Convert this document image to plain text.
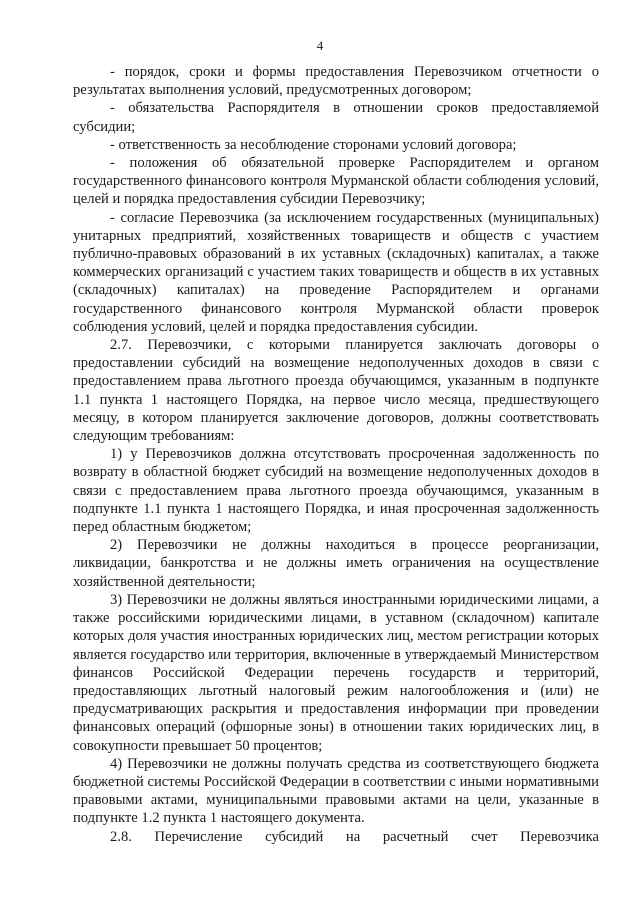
4

- порядок, сроки и формы предоставления Перевозчиком отчетности о результатах выполнения условий, предусмотренных договором;

- обязательства Распорядителя в отношении сроков предоставляемой субсидии;

- ответственность за несоблюдение сторонами условий договора;

- положения об обязательной проверке Распорядителем и органом государственного финансового контроля Мурманской области соблюдения условий, целей и порядка предоставления субсидии Перевозчику;

- согласие Перевозчика (за исключением государственных (муниципальных) унитарных предприятий, хозяйственных товариществ и обществ с участием публично-правовых образований в их уставных (складочных) капиталах, а также коммерческих организаций с участием таких товариществ и обществ в их уставных (складочных) капиталах) на проведение Распорядителем и органами государственного финансового контроля Мурманской области проверок соблюдения условий, целей и порядка предоставления субсидии.

2.7. Перевозчики, с которыми планируется заключать договоры о предоставлении субсидий на возмещение недополученных доходов в связи с предоставлением права льготного проезда обучающимся, указанным в подпункте 1.1 пункта 1 настоящего Порядка, на первое число месяца, предшествующего месяцу, в котором планируется заключение договоров, должны соответствовать следующим требованиям:

1) у Перевозчиков должна отсутствовать просроченная задолженность по возврату в областной бюджет субсидий на возмещение недополученных доходов в связи с предоставлением права льготного проезда обучающимся, указанным в подпункте 1.1 пункта 1 настоящего Порядка, и иная просроченная задолженность перед областным бюджетом;

2) Перевозчики не должны находиться в процессе реорганизации, ликвидации, банкротства и не должны иметь ограничения на осуществление хозяйственной деятельности;

3) Перевозчики не должны являться иностранными юридическими лицами, а также российскими юридическими лицами, в уставном (складочном) капитале которых доля участия иностранных юридических лиц, местом регистрации которых является государство или территория, включенные в утверждаемый Министерством финансов Российской Федерации перечень государств и территорий, предоставляющих льготный налоговый режим налогообложения и (или) не предусматривающих раскрытия и предоставления информации при проведении финансовых операций (офшорные зоны) в отношении таких юридических лиц, в совокупности превышает 50 процентов;

4) Перевозчики не должны получать средства из соответствующего бюджета бюджетной системы Российской Федерации в соответствии с иными нормативными правовыми актами, муниципальными правовыми актами на цели, указанные в подпункте 1.2 пункта 1 настоящего документа.

2.8. Перечисление субсидий на расчетный счет Перевозчика
